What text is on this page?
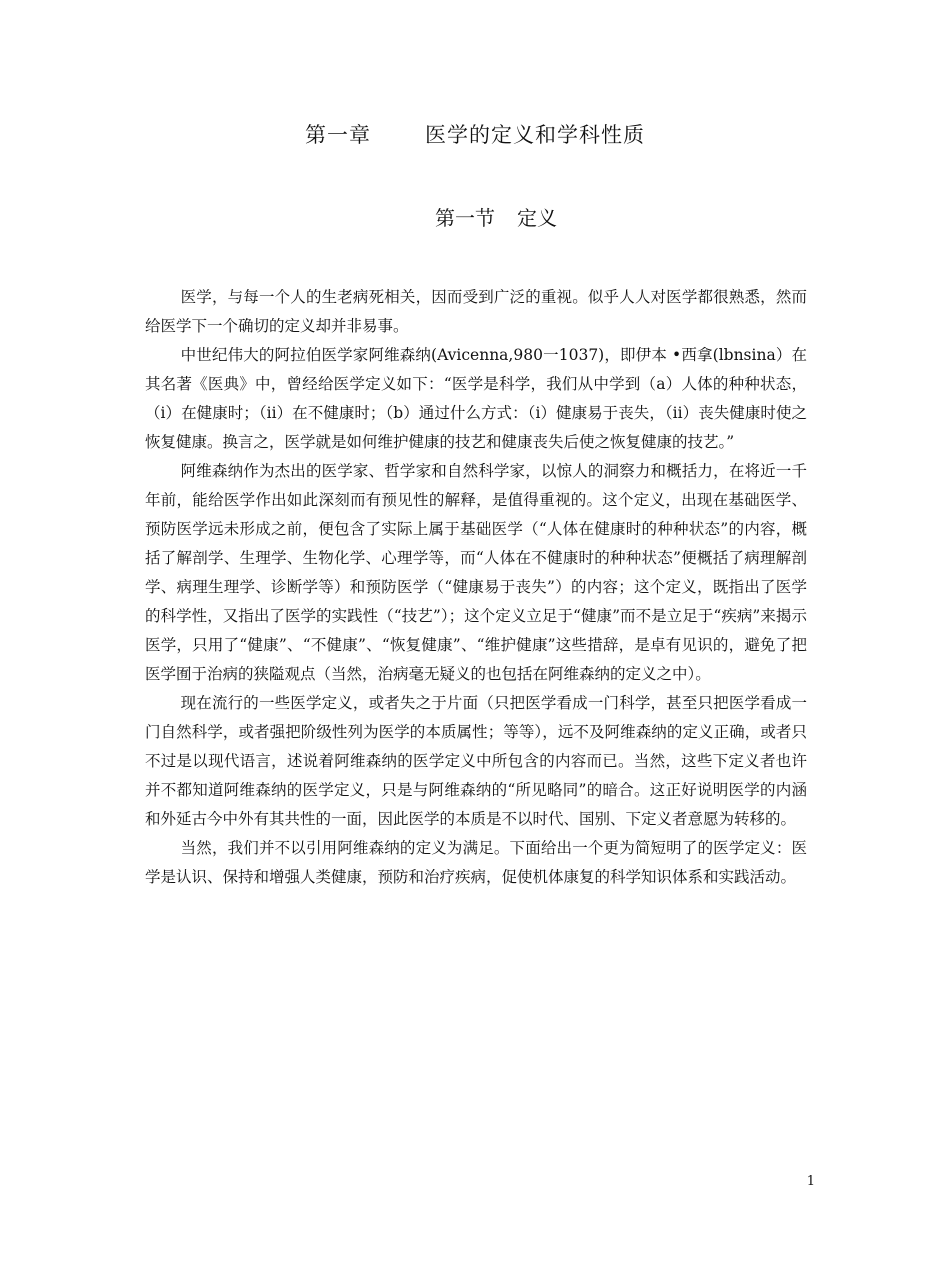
第一章	医学的定义和学科性质
第一节 定义

医学，与每一个人的生老病死相关，因而受到广泛的重视。似乎人人对医学都很熟悉，然而给医学下一个确切的定义却并非易事。

中世纪伟大的阿拉伯医学家阿维森纳(Avicenna,980一1037)，即伊本 •西拿(lbnsina）在其名著《医典》中，曾经给医学定义如下：“医学是科学，我们从中学到（a）人体的种种状态，（i）在健康时；（ii）在不健康时；（b）通过什么方式：（i）健康易于丧失，（ii）丧失健康时使之恢复健康。换言之，医学就是如何维护健康的技艺和健康丧失后使之恢复健康的技艺。”

阿维森纳作为杰出的医学家、哲学家和自然科学家，以惊人的洞察力和概括力，在将近一千年前，能给医学作出如此深刻而有预见性的解释，是值得重视的。这个定义，出现在基础医学、预防医学远未形成之前，便包含了实际上属于基础医学（“人体在健康时的种种状态”的内容，概括了解剖学、生理学、生物化学、心理学等，而“人体在不健康时的种种状态”便概括了病理解剖学、病理生理学、诊断学等）和预防医学（“健康易于丧失”）的内容；这个定义，既指出了医学的科学性，又指出了医学的实践性（“技艺”）；这个定义立足于“健康”而不是立足于“疾病”来揭示医学，只用了“健康”、“不健康”、“恢复健康”、“维护健康”这些措辞，是卓有见识的，避免了把医学囿于治病的狭隘观点（当然，治病毫无疑义的也包括在阿维森纳的定义之中）。

现在流行的一些医学定义，或者失之于片面（只把医学看成一门科学，甚至只把医学看成一门自然科学，或者强把阶级性列为医学的本质属性；等等），远不及阿维森纳的定义正确，或者只不过是以现代语言，述说着阿维森纳的医学定义中所包含的内容而已。当然，这些下定义者也许并不都知道阿维森纳的医学定义，只是与阿维森纳的“所见略同”的暗合。这正好说明医学的内涵和外延古今中外有其共性的一面，因此医学的本质是不以时代、国别、下定义者意愿为转移的。

当然，我们并不以引用阿维森纳的定义为满足。下面给出一个更为简短明了的医学定义：医学是认识、保持和增强人类健康，预防和治疗疾病，促使机体康复的科学知识体系和实践活动。

1
